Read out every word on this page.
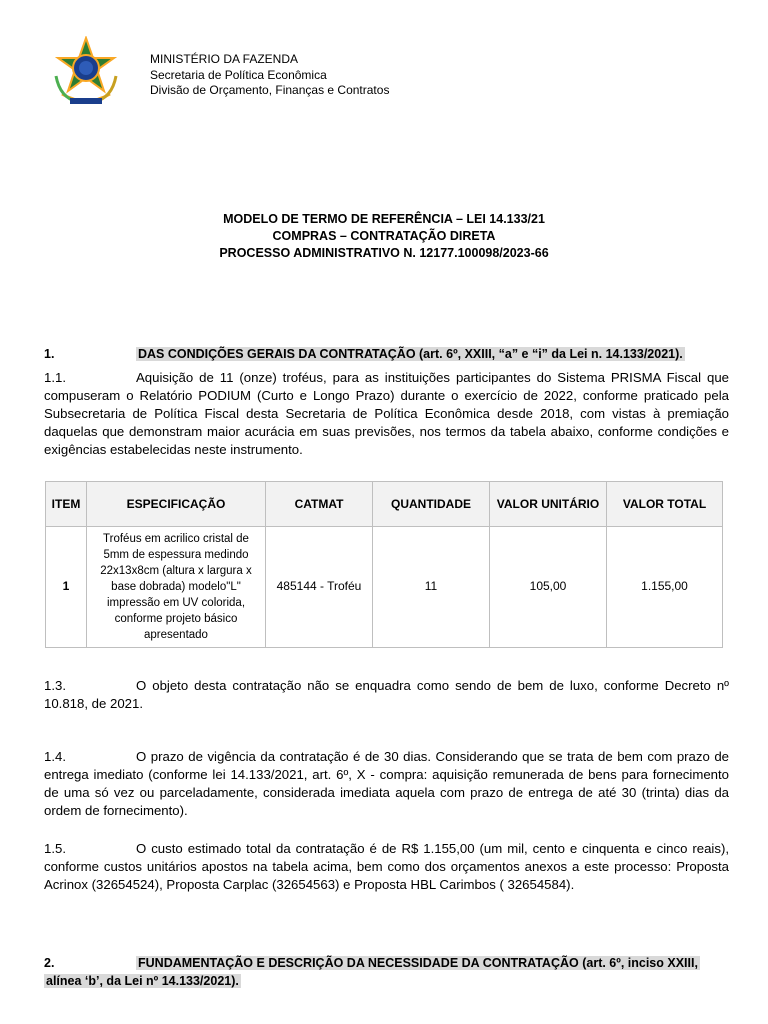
MINISTÉRIO DA FAZENDA
Secretaria de Política Econômica
Divisão de Orçamento, Finanças e Contratos
MODELO DE TERMO DE REFERÊNCIA – LEI 14.133/21
COMPRAS – CONTRATAÇÃO DIRETA
PROCESSO ADMINISTRATIVO N. 12177.100098/2023-66
1.	DAS CONDIÇÕES GERAIS DA CONTRATAÇÃO (art. 6º, XXIII, “a” e “i” da Lei n. 14.133/2021).
1.1.	Aquisição de 11 (onze) troféus, para as instituições participantes do Sistema PRISMA Fiscal que compuseram o Relatório PODIUM (Curto e Longo Prazo) durante o exercício de 2022, conforme praticado pela Subsecretaria de Política Fiscal desta Secretaria de Política Econômica desde 2018, com vistas à premiação daquelas que demonstram maior acurácia em suas previsões, nos termos da tabela abaixo, conforme condições e exigências estabelecidas neste instrumento.
ITEM	ESPECIFICAÇÃO	CATMAT	QUANTIDADE	VALOR UNITÁRIO	VALOR TOTAL
1	Troféus em acrilico cristal de 5mm de espessura medindo 22x13x8cm (altura x largura x base dobrada) modelo"L" impressão em UV colorida, conforme projeto básico apresentado	485144 - Troféu	11	105,00	1.155,00
1.3.	O objeto desta contratação não se enquadra como sendo de bem de luxo, conforme Decreto nº 10.818, de 2021.
1.4.	O prazo de vigência da contratação é de 30 dias. Considerando que se trata de bem com prazo de entrega imediato (conforme lei 14.133/2021, art. 6º, X - compra: aquisição remunerada de bens para fornecimento de uma só vez ou parceladamente, considerada imediata aquela com prazo de entrega de até 30 (trinta) dias da ordem de fornecimento).
1.5.	O custo estimado total da contratação é de R$ 1.155,00 (um mil, cento e cinquenta e cinco reais), conforme custos unitários apostos na tabela acima, bem como dos orçamentos anexos a este processo: Proposta Acrinox (32654524), Proposta Carplac (32654563) e Proposta HBL Carimbos ( 32654584).
2.	FUNDAMENTAÇÃO E DESCRIÇÃO DA NECESSIDADE DA CONTRATAÇÃO (art. 6º, inciso XXIII,
alínea ‘b’, da Lei nº 14.133/2021).
